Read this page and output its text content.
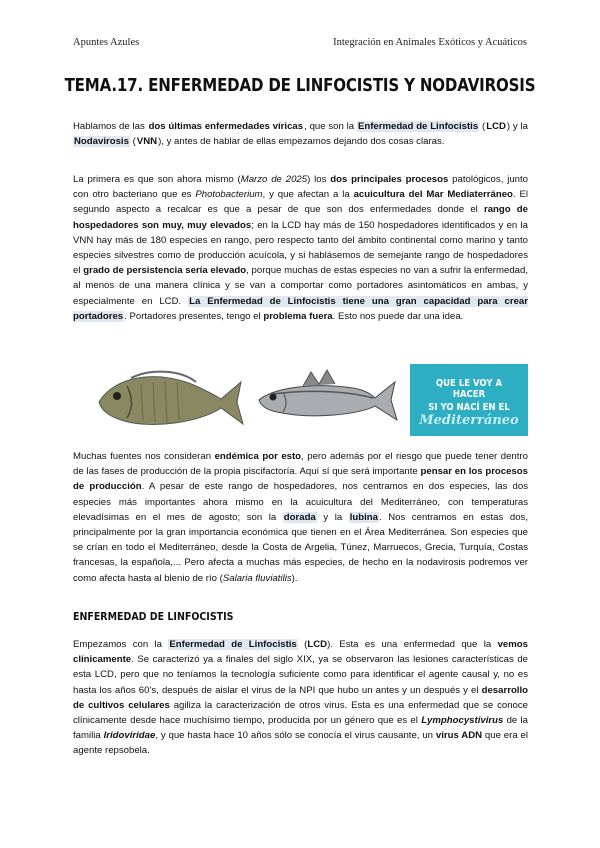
Apuntes Azules	Integración en Animales Exóticos y Acuáticos
TEMA.17. ENFERMEDAD DE LINFOCISTIS Y NODAVIROSIS

Hablamos de las dos últimas enfermedades víricas, que son la Enfermedad de Linfocistis (LCD) y la Nodavirosis (VNN), y antes de hablar de ellas empezamos dejando dos cosas claras.

La primera es que son ahora mismo (Marzo de 2025) los dos principales procesos patológicos, junto con otro bacteriano que es Photobacterium, y que afectan a la acuicultura del Mar Mediaterráneo. El segundo aspecto a recalcar es que a pesar de que son dos enfermedades donde el rango de hospedadores son muy, muy elevados; en la LCD hay más de 150 hospedadores identificados y en la VNN hay más de 180 especies en rango, pero respecto tanto del ámbito continental como marino y tanto especies silvestres como de producción acuícola, y si hablásemos de semejante rango de hospedadores el grado de persistencia sería elevado, porque muchas de estas especies no van a sufrir la enfermedad, al menos de una manera clínica y se van a comportar como portadores asintomáticos en ambas, y especialmente en LCD. La Enfermedad de Linfocistis tiene una gran capacidad para crear portadores. Portadores presentes, tengo el problema fuera. Esto nos puede dar una idea.

QUE LE VOY A HACER
SI YO NACÍ EN EL
Mediterráneo

Muchas fuentes nos consideran endémica por esto, pero además por el riesgo que puede tener dentro de las fases de producción de la propia piscifactoría. Aquí sí que será importante pensar en los procesos de producción. A pesar de este rango de hospedadores, nos centramos en dos especies, las dos especies más importantes ahora mismo en la acuicultura del Mediterráneo, con temperaturas elevadísimas en el mes de agosto; son la dorada y la lubina. Nos centramos en estas dos, principalmente por la gran importancia económica que tienen en el Área Mediterránea. Son especies que se crían en todo el Mediterráneo, desde la Costa de Argelia, Túnez, Marruecos, Grecia, Turquía, Costas francesas, la española,... Pero afecta a muchas más especies, de hecho en la nodavirosis podremos ver como afecta hasta al blenio de río (Salaria fluviatilis).

ENFERMEDAD DE LINFOCISTIS

Empezamos con la Enfermedad de Linfocistis (LCD). Esta es una enfermedad que la vemos clínicamente. Se caracterizó ya a finales del siglo XIX, ya se observaron las lesiones características de esta LCD, pero que no teníamos la tecnología suficiente como para identificar el agente causal y, no es hasta los años 60’s, después de aislar el virus de la NPI que hubo un antes y un después y el desarrollo de cultivos celulares agiliza la caracterización de otros virus. Esta es una enfermedad que se conoce clínicamente desde hace muchísimo tiempo, producida por un género que es el Lymphocystivirus de la familia Iridoviridae, y que hasta hace 10 años sólo se conocía el virus causante, un virus ADN que era el agente repsobela.
